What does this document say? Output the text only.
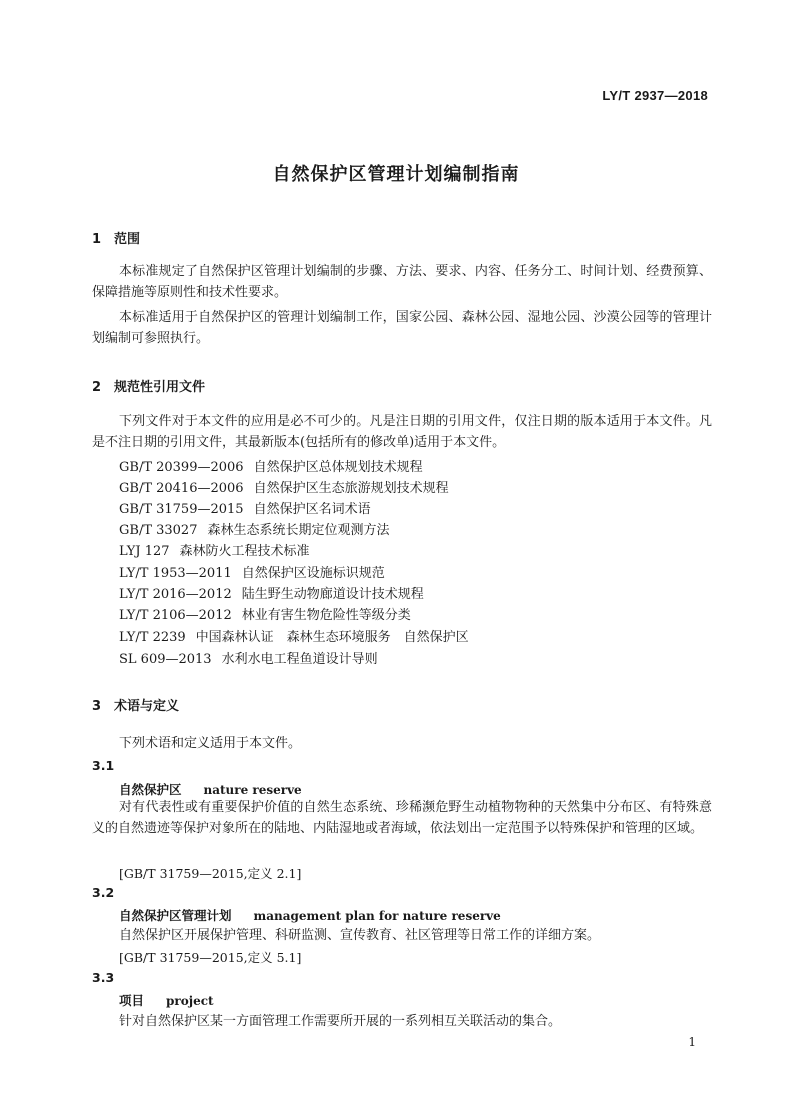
LY/T 2937—2018
自然保护区管理计划编制指南
1 范围

本标准规定了自然保护区管理计划编制的步骤、方法、要求、内容、任务分工、时间计划、经费预算、保障措施等原则性和技术性要求。

本标准适用于自然保护区的管理计划编制工作，国家公园、森林公园、湿地公园、沙漠公园等的管理计划编制可参照执行。

2 规范性引用文件

下列文件对于本文件的应用是必不可少的。凡是注日期的引用文件，仅注日期的版本适用于本文件。凡是不注日期的引用文件，其最新版本(包括所有的修改单)适用于本文件。

GB/T 20399—2006 自然保护区总体规划技术规程
GB/T 20416—2006 自然保护区生态旅游规划技术规程
GB/T 31759—2015 自然保护区名词术语
GB/T 33027 森林生态系统长期定位观测方法
LYJ 127 森林防火工程技术标准
LY/T 1953—2011 自然保护区设施标识规范
LY/T 2016—2012 陆生野生动物廊道设计技术规程
LY/T 2106—2012 林业有害生物危险性等级分类
LY/T 2239 中国森林认证　森林生态环境服务　自然保护区
SL 609—2013 水利水电工程鱼道设计导则
3 术语与定义

下列术语和定义适用于本文件。

3.1
自然保护区 nature reserve

对有代表性或有重要保护价值的自然生态系统、珍稀濒危野生动植物物种的天然集中分布区、有特殊意义的自然遗迹等保护对象所在的陆地、内陆湿地或者海域，依法划出一定范围予以特殊保护和管理的区域。

[GB/T 31759—2015,定义 2.1]
3.2
自然保护区管理计划 management plan for nature reserve

自然保护区开展保护管理、科研监测、宣传教育、社区管理等日常工作的详细方案。

[GB/T 31759—2015,定义 5.1]
3.3
项目 project

针对自然保护区某一方面管理工作需要所开展的一系列相互关联活动的集合。

1
